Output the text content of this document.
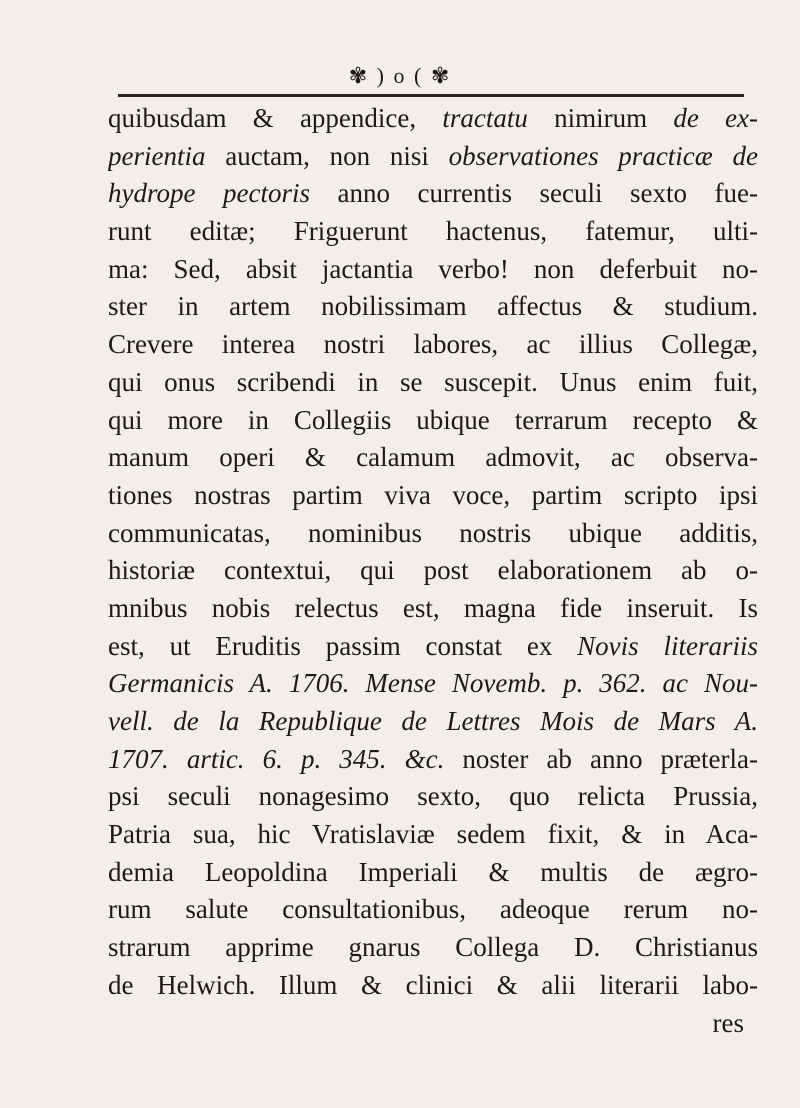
✾ ) o ( ✾
quibusdam & appendice, tractatu nimirum de ex-
perientia auctam, non nisi observationes practicæ de
hydrope pectoris anno currentis seculi sexto fue-
runt editæ; Friguerunt hactenus, fatemur, ulti-
ma: Sed, absit jactantia verbo! non deferbuit no-
ster in artem nobilissimam affectus & studium.
Crevere interea nostri labores, ac illius Collegæ,
qui onus scribendi in se suscepit. Unus enim fuit,
qui more in Collegiis ubique terrarum recepto &
manum operi & calamum admovit, ac observa-
tiones nostras partim viva voce, partim scripto ipsi
communicatas, nominibus nostris ubique additis,
historiæ contextui, qui post elaborationem ab o-
mnibus nobis relectus est, magna fide inseruit. Is
est, ut Eruditis passim constat ex Novis literariis
Germanicis A. 1706. Mense Novemb. p. 362. ac Nou-
vell. de la Republique de Lettres Mois de Mars A.
1707. artic. 6. p. 345. &c. noster ab anno præterla-
psi seculi nonagesimo sexto, quo relicta Prussia,
Patria sua, hic Vratislaviæ sedem fixit, & in Aca-
demia Leopoldina Imperiali & multis de ægro-
rum salute consultationibus, adeoque rerum no-
strarum apprime gnarus Collega D. Christianus
de Helwich. Illum & clinici & alii literarii labo-
res
